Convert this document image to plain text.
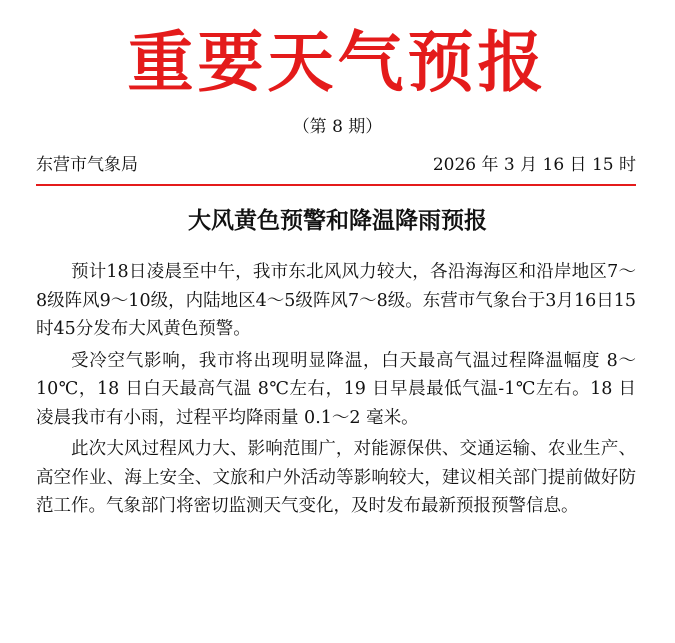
重要天气预报
（第 8 期）
东营市气象局	2026 年 3 月 16 日 15 时
大风黄色预警和降温降雨预报

预计18日凌晨至中午，我市东北风风力较大，各沿海海区和沿岸地区7～8级阵风9～10级，内陆地区4～5级阵风7～8级。东营市气象台于3月16日15时45分发布大风黄色预警。

受冷空气影响，我市将出现明显降温，白天最高气温过程降温幅度 8～10℃，18 日白天最高气温 8℃左右，19 日早晨最低气温-1℃左右。18 日凌晨我市有小雨，过程平均降雨量 0.1～2 毫米。

此次大风过程风力大、影响范围广，对能源保供、交通运输、农业生产、高空作业、海上安全、文旅和户外活动等影响较大，建议相关部门提前做好防范工作。气象部门将密切监测天气变化，及时发布最新预报预警信息。
